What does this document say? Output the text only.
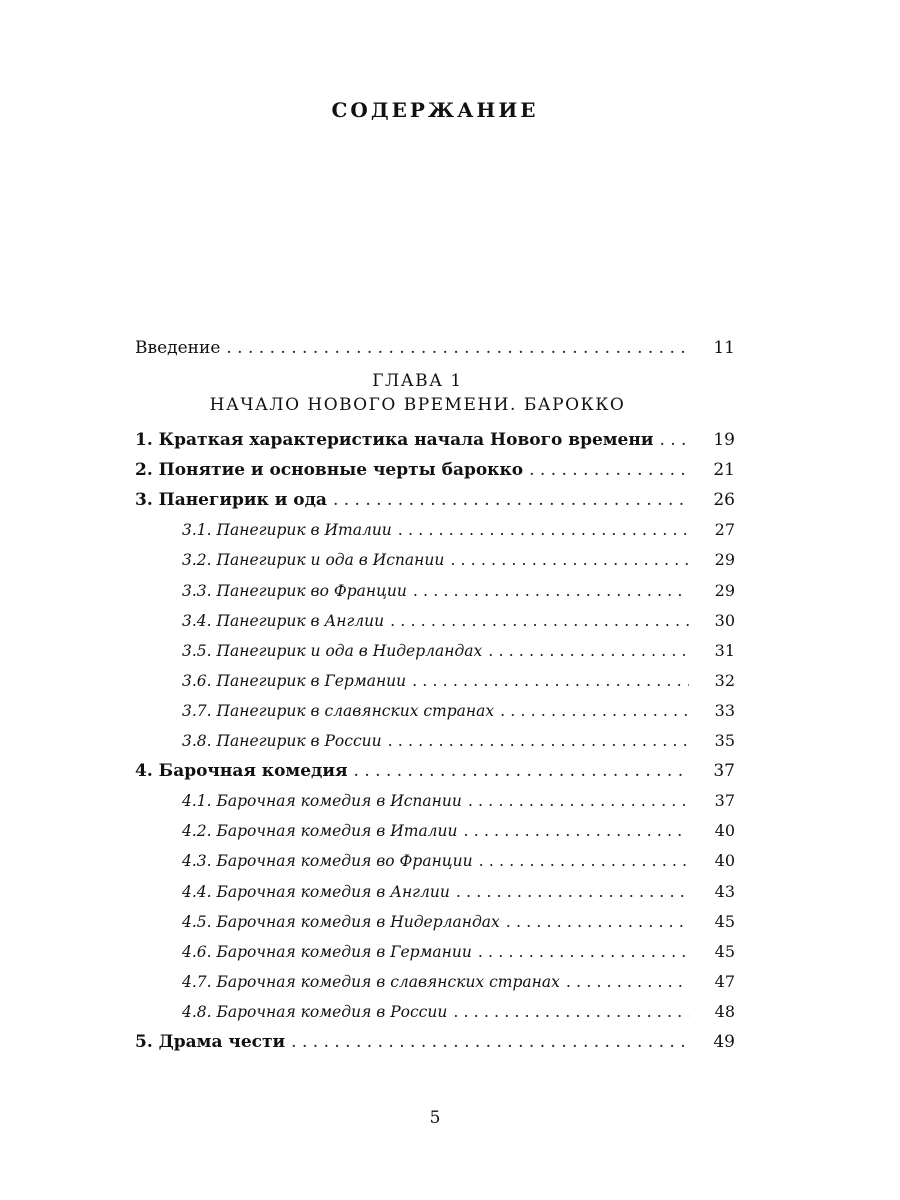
СОДЕРЖАНИЕ
Введение . . .	11
ГЛАВА 1
НАЧАЛО НОВОГО ВРЕМЕНИ. БАРОККО
1. Краткая характеристика начала Нового времени . . .	19
2. Понятие и основные черты барокко . . .	21
3. Панегирик и ода . . .	26
3.1. Панегирик в Италии . . .	27
3.2. Панегирик и ода в Испании . . .	29
3.3. Панегирик во Франции . . .	29
3.4. Панегирик в Англии . . .	30
3.5. Панегирик и ода в Нидерландах . . .	31
3.6. Панегирик в Германии . . .	32
3.7. Панегирик в славянских странах . . .	33
3.8. Панегирик в России . . .	35
4. Барочная комедия . . .	37
4.1. Барочная комедия в Испании . . .	37
4.2. Барочная комедия в Италии . . .	40
4.3. Барочная комедия во Франции . . .	40
4.4. Барочная комедия в Англии . . .	43
4.5. Барочная комедия в Нидерландах . . .	45
4.6. Барочная комедия в Германии . . .	45
4.7. Барочная комедия в славянских странах . . .	47
4.8. Барочная комедия в России . . .	48
5. Драма чести . . .	49
5
